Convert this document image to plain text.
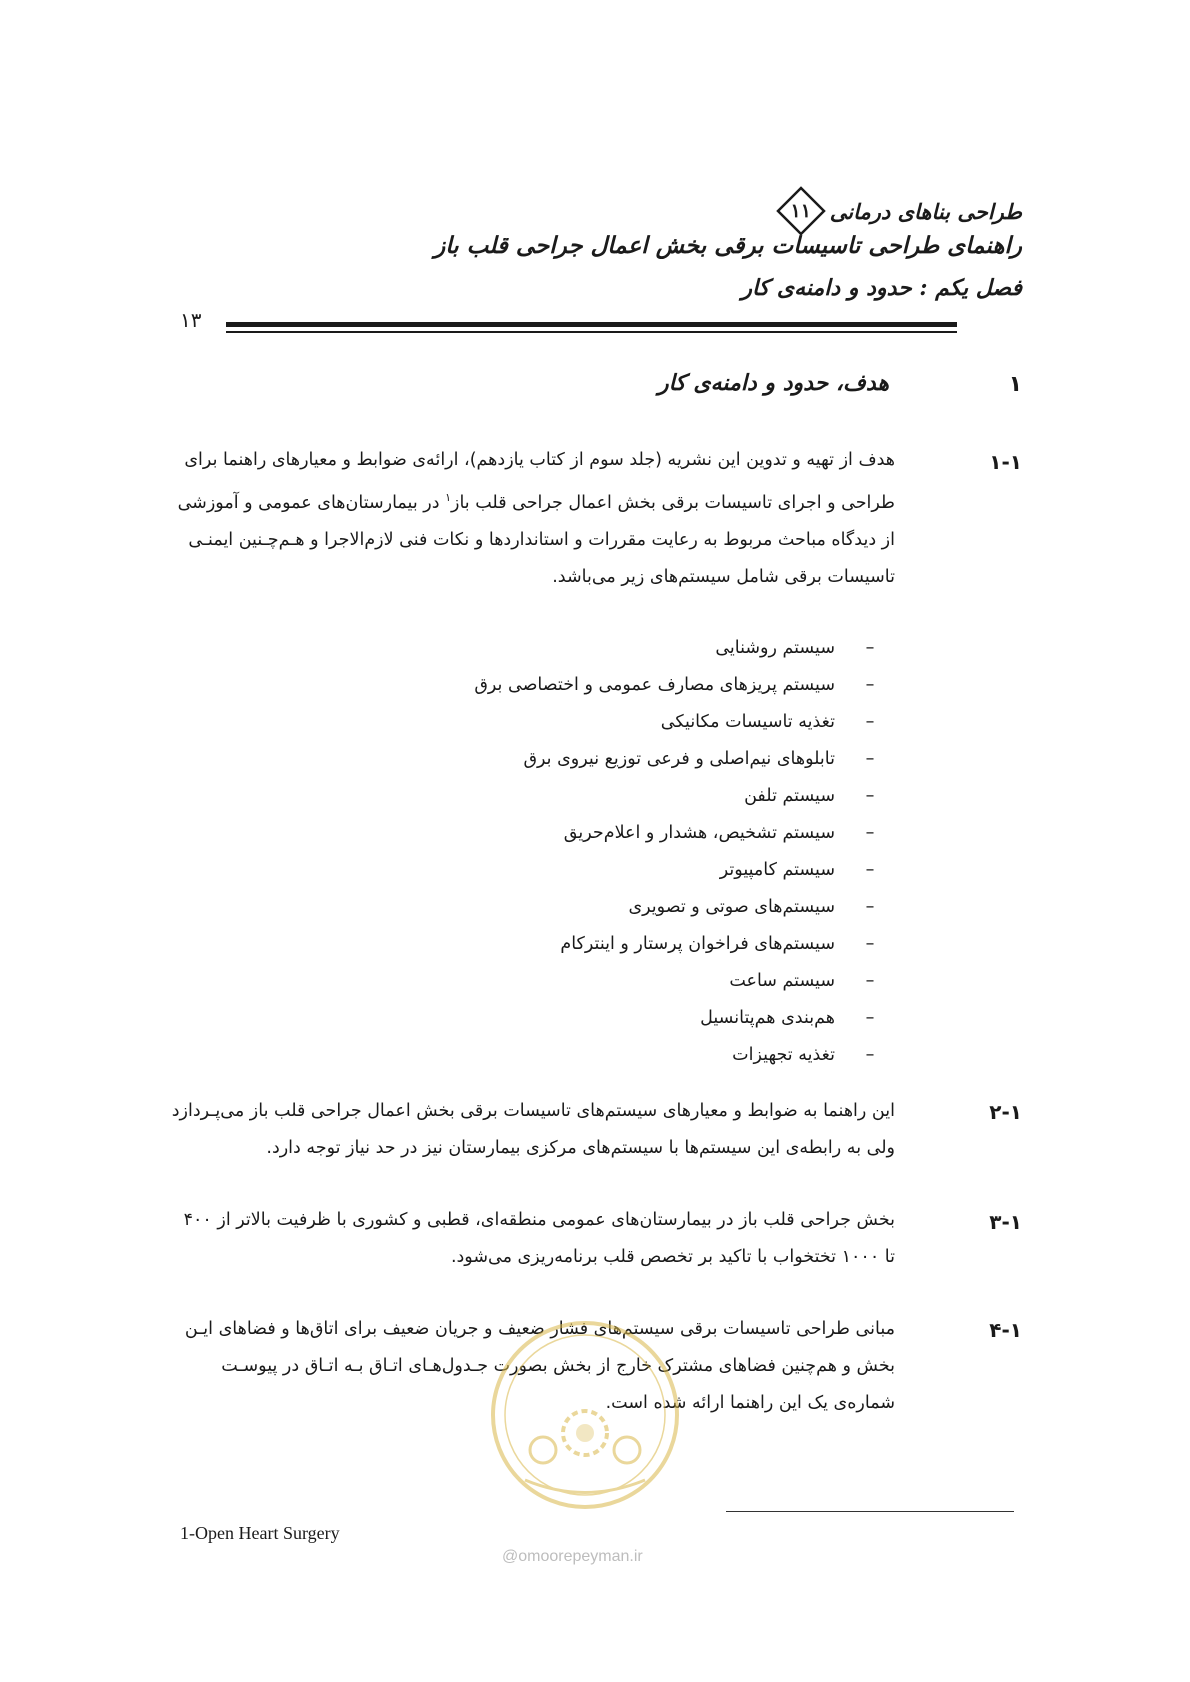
طراحی بناهای درمانی
۱۱
راهنمای طراحی تاسیسات برقی بخش اعمال جراحی قلب باز
فصل یکم : حدود و دامنه‌ی کار
۱۳
۱
هدف، حدود و دامنه‌ی کار
۱-۱
هدف از تهیه و تدوین این نشریه (جلد سوم از کتاب یازدهم)، ارائه‌ی ضوابط و معیارهای راهنما برای
طراحی و اجرای تاسیسات برقی بخش اعمال جراحی قلب باز$^۱$ در بیمارستان‌های عمومی و آموزشی
از دیدگاه مباحث مربوط به رعایت مقررات و استانداردها و نکات فنی لازم‌الاجرا و هـم‌چـنین ایمنـی
تاسیسات برقی شامل سیستم‌های زیر می‌باشد.
–
سیستم روشنایی
–
سیستم پریزهای مصارف عمومی و اختصاصی برق
–
تغذیه تاسیسات مکانیکی
–
تابلوهای نیم‌اصلی و فرعی توزیع نیروی برق
–
سیستم تلفن
–
سیستم تشخیص، هشدار و اعلام‌حریق
–
سیستم کامپیوتر
–
سیستم‌های صوتی و تصویری
–
سیستم‌های فراخوان پرستار و اینترکام
–
سیستم ساعت
–
هم‌بندی هم‌پتانسیل
–
تغذیه تجهیزات
۲-۱
این راهنما به ضوابط و معیارهای سیستم‌های تاسیسات برقی بخش اعمال جراحی قلب باز می‌پـردازد
ولی به رابطه‌ی این سیستم‌ها با سیستم‌های مرکزی بیمارستان نیز در حد نیاز توجه دارد.
۳-۱
بخش جراحی قلب باز در بیمارستان‌های عمومی منطقه‌ای، قطبی و کشوری با ظرفیت بالاتر از ۴۰۰
تا ۱۰۰۰ تختخواب با تاکید بر تخصص قلب برنامه‌ریزی می‌شود.
۴-۱
مبانی طراحی تاسیسات برقی سیستم‌های فشار ضعیف و جریان ضعیف برای اتاق‌ها و فضاهای ایـن
بخش و هم‌چنین فضاهای مشترک خارج از بخش بصورت جـدول‌هـای اتـاق بـه اتـاق در پیوسـت
شماره‌ی یک این راهنما ارائه شده است.
@omoorepeyman.ir
1-Open Heart Surgery
